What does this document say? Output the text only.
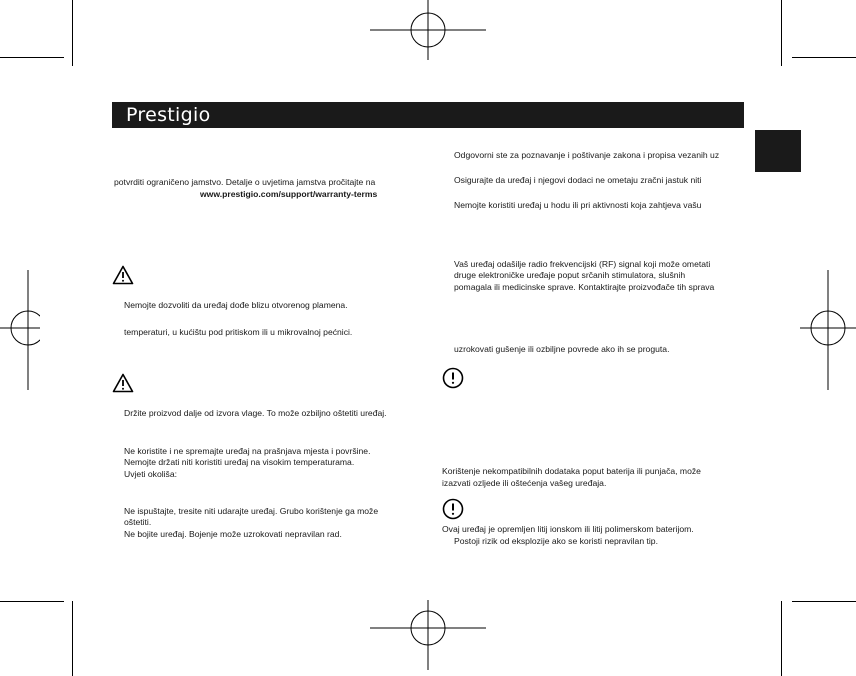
Prestigio
potvrditi ograničeno jamstvo. Detalje o uvjetima jamstva pročitajte na
www.prestigio.com/support/warranty-terms
Nemojte dozvoliti da uređaj dođe blizu otvorenog plamena.
temperaturi, u kućištu pod pritiskom ili u mikrovalnoj pećnici.
Držite proizvod dalje od izvora vlage. To može ozbiljno oštetiti uređaj.
Ne koristite i ne spremajte uređaj na prašnjava mjesta i površine.
Nemojte držati niti koristiti uređaj na visokim temperaturama.
Uvjeti okoliša:
Ne ispuštajte, tresite niti udarajte uređaj. Grubo korištenje ga može
oštetiti.
Ne bojite uređaj. Bojenje može uzrokovati nepravilan rad.
Odgovorni ste za poznavanje i poštivanje zakona i propisa vezanih uz
Osigurajte da uređaj i njegovi dodaci ne ometaju zračni jastuk niti
Nemojte koristiti uređaj u hodu ili pri aktivnosti koja zahtjeva vašu
Vaš uređaj odašilje radio frekvencijski (RF) signal koji može ometati
druge elektroničke uređaje poput srčanih stimulatora, slušnih
pomagala ili medicinske sprave. Kontaktirajte proizvođače tih sprava
uzrokovati gušenje ili ozbiljne povrede ako ih se proguta.
Korištenje nekompatibilnih dodataka poput baterija ili punjača, može
izazvati ozljede ili oštećenja vašeg uređaja.
Ovaj uređaj je opremljen litij ionskom ili litij polimerskom baterijom.
Postoji rizik od eksplozije ako se koristi nepravilan tip.
